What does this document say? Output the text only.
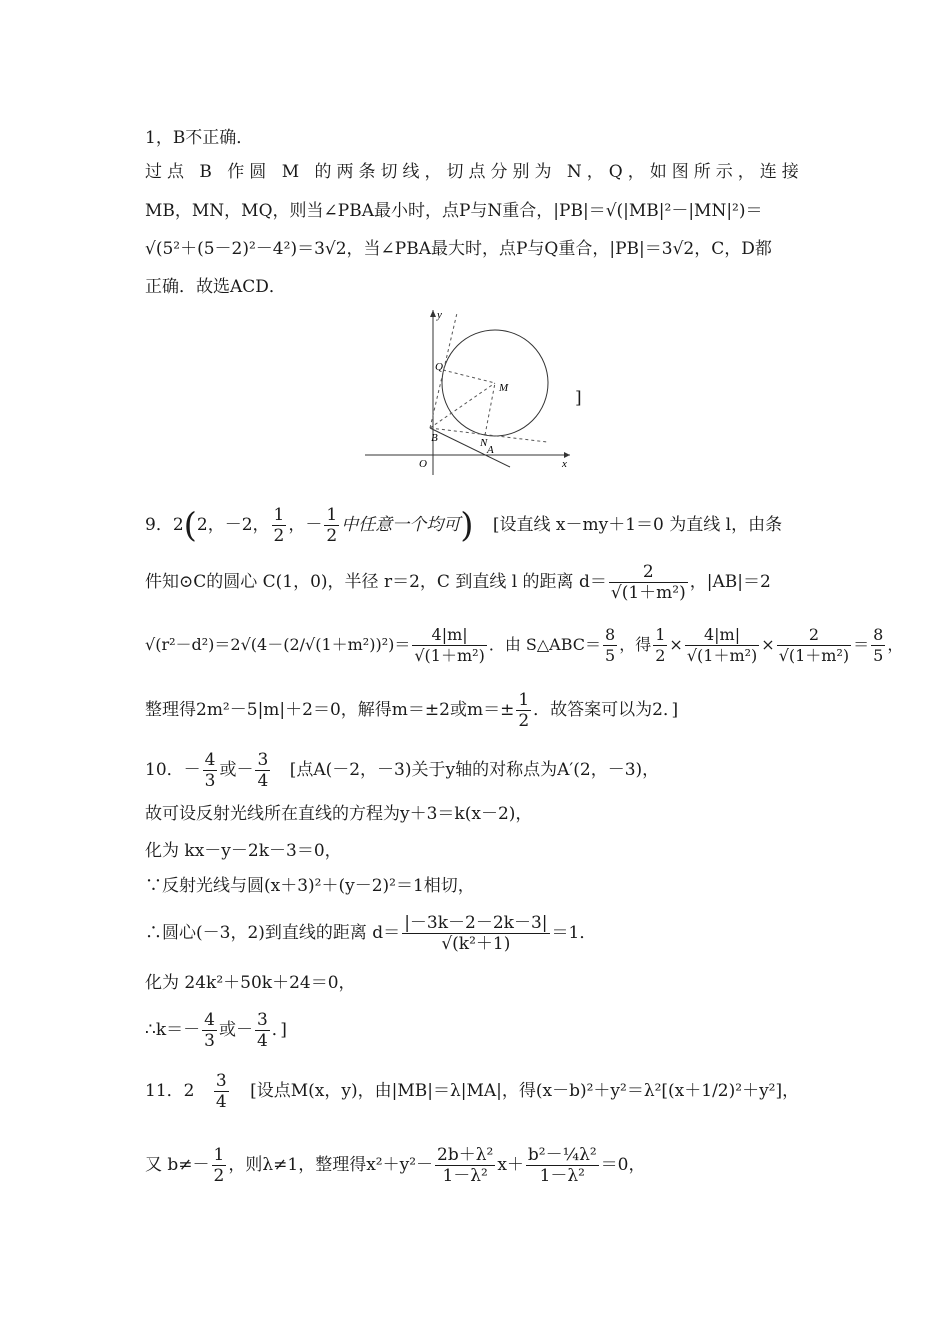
1，B不正确．
过点 B 作圆 M 的两条切线，切点分别为 N，Q，如图所示，连接
MB，MN，MQ，则当∠PBA最小时，点P与N重合，|PB|＝√(|MB|²－|MN|²)＝
√(5²＋(5－2)²－4²)＝3√2，当∠PBA最大时，点P与Q重合，|PB|＝3√2，C，D都
正确．故选ACD．
y
x
O
Q
M
B	N
A
]
9．2(2，－2， $\frac{1}{2}$ ，－ $\frac{1}{2}$ 中任意一个均可) [设直线 x－my＋1＝0 为直线 l，由条
件知⊙C的圆心 C(1，0)，半径 r＝2，C 到直线 l 的距离 $d= \frac{2}{\text{√(1＋m²)}}$ ，|AB|＝2
$√(r^2-d^2)=2√(4-(2/√(1+m^2))^2)= \frac{4|m|}{\text{√(1＋m²)}}$ ．由 S△ABC＝ $\frac{8}{5}$ ，得 $\frac{1}{2} \times \frac{4|m|}{\text{√(1＋m²)}} \times \frac{2}{\text{√(1＋m²)}} = \frac{8}{5}$ ，
整理得2m²－5|m|＋2＝0，解得m＝±2或$m=\pm \frac{1}{2}$ ．故答案可以为2．]
10．－ $\frac{4}{3}$ 或－ $\frac{3}{4}$ [点A(－2，－3)关于y轴的对称点为A′(2，－3)，
故可设反射光线所在直线的方程为y＋3＝k(x－2)，
化为 kx－y－2k－3＝0，
∵反射光线与圆(x＋3)²＋(y－2)²＝1相切，
∴圆心(－3，2)到直线的距离 $d= \frac{|-3k-2-2k-3|}{\text{√(k²＋1)}} =1$．
化为 24k²＋50k＋24＝0，
∴k＝－ $\frac{4}{3}$ 或－ $\frac{3}{4}$ ．]
11．$2 \frac{3}{4}$ [设点M(x，y)，由|MB|＝λ|MA|，得(x－b)²＋y²＝λ²[(x＋1/2)²＋y²]，
又 $b\ne- \frac{1}{2}$ ，则λ≠1，整理得$x^2+y^2- \frac{\text{2b＋λ²}}{\text{1－λ²}} x+ \frac{\text{b²－¼λ²}}{\text{1－λ²}} =0$，
